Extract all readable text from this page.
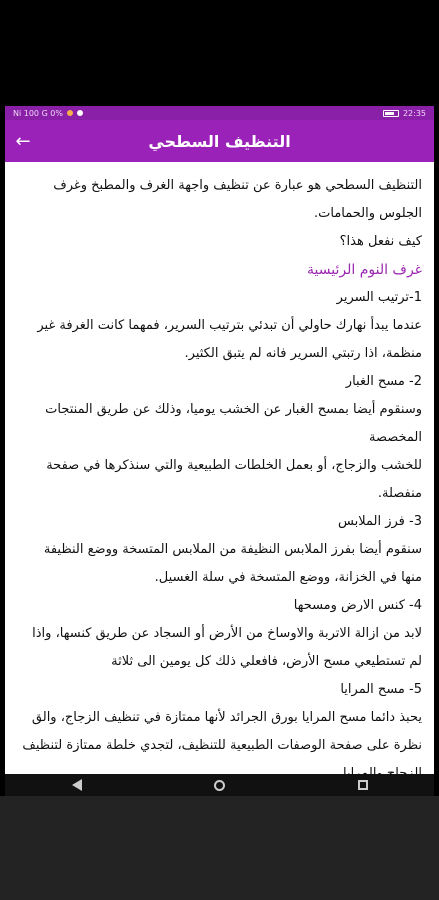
Ni 100 G 0%	22:35
←	التنظيف السطحي

التنظيف السطحي هو عبارة عن تنظيف واجهة الغرف والمطبخ وغرف الجلوس والحمامات.

كيف نفعل هذا؟

غرف النوم الرئيسية

1-ترتيب السرير

عندما يبدأ نهارك حاولي أن تبدئي بترتيب السرير، فمهما كانت الغرفة غير منظمة، اذا رتبتي السرير فانه لم يتبق الكثير.

2- مسح الغبار

وسنقوم أيضا بمسح الغبار عن الخشب يوميا، وذلك عن طريق المنتجات المخصصة

للخشب والزجاج، أو بعمل الخلطات الطبيعية والتي سنذكرها في صفحة منفصلة.

3- فرز الملابس

سنقوم أيضا بفرز الملابس النظيفة من الملابس المتسخة ووضع النظيفة منها في الخزانة، ووضع المتسخة في سلة الغسيل.

4- كنس الارض ومسحها

لابد من ازالة الاتربة والاوساخ من الأرض أو السجاد عن طريق كنسها، واذا لم تستطيعي مسح الأرض، فافعلي ذلك كل يومين الى ثلاثة

5- مسح المرايا

يحبذ دائما مسح المرايا بورق الجرائد لأنها ممتازة في تنظيف الزجاج، والق نظرة على صفحة الوصفات الطبيعية للتنظيف، لتجدي خلطة ممتازة لتنظيف
